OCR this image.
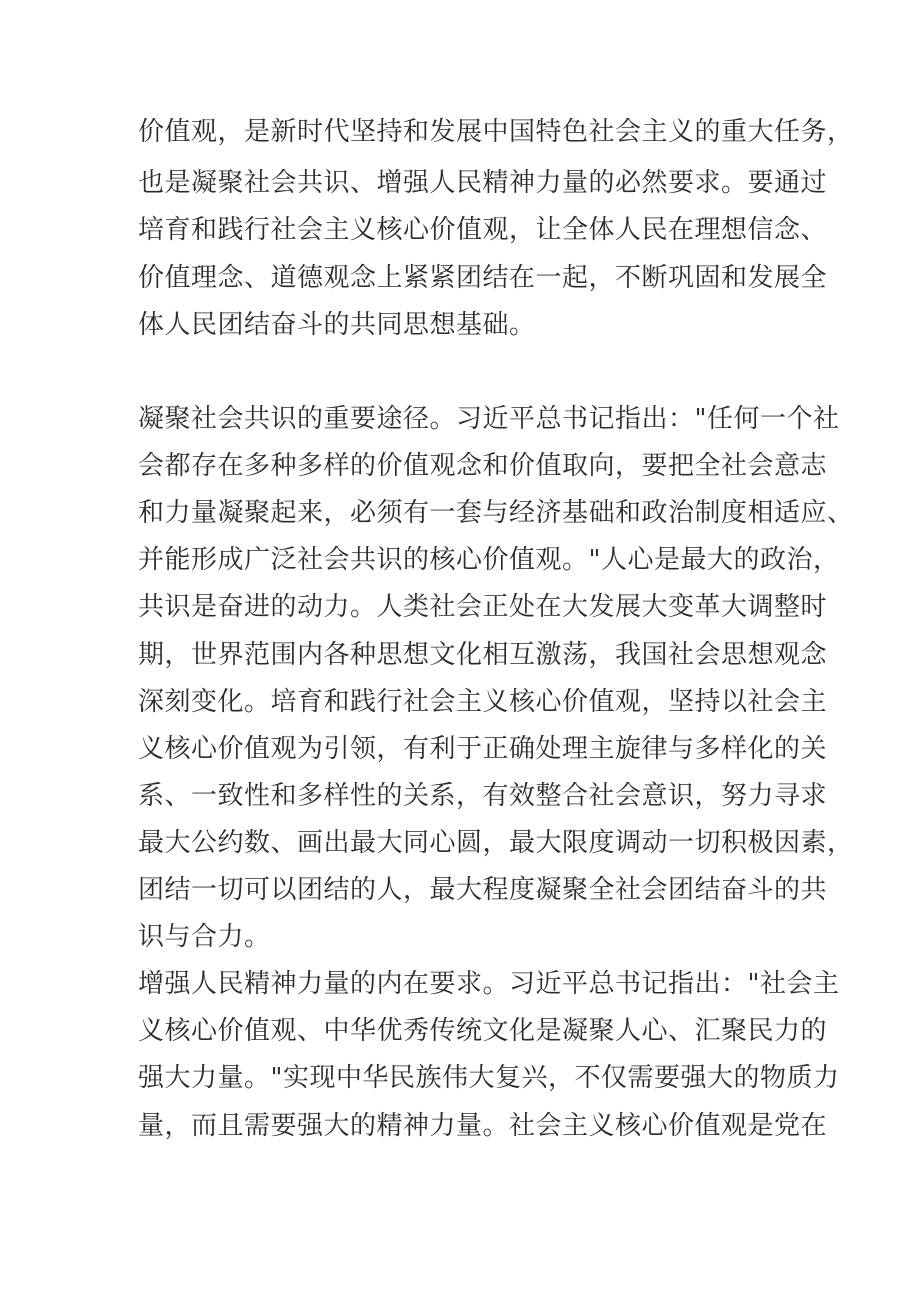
价值观，是新时代坚持和发展中国特色社会主义的重大任务，
也是凝聚社会共识、增强人民精神力量的必然要求。要通过
培育和践行社会主义核心价值观，让全体人民在理想信念、
价值理念、道德观念上紧紧团结在一起，不断巩固和发展全
体人民团结奋斗的共同思想基础。
凝聚社会共识的重要途径。习近平总书记指出："任何一个社
会都存在多种多样的价值观念和价值取向，要把全社会意志
和力量凝聚起来，必须有一套与经济基础和政治制度相适应、
并能形成广泛社会共识的核心价值观。"人心是最大的政治，
共识是奋进的动力。人类社会正处在大发展大变革大调整时
期，世界范围内各种思想文化相互激荡，我国社会思想观念
深刻变化。培育和践行社会主义核心价值观，坚持以社会主
义核心价值观为引领，有利于正确处理主旋律与多样化的关
系、一致性和多样性的关系，有效整合社会意识，努力寻求
最大公约数、画出最大同心圆，最大限度调动一切积极因素，
团结一切可以团结的人，最大程度凝聚全社会团结奋斗的共
识与合力。
增强人民精神力量的内在要求。习近平总书记指出："社会主
义核心价值观、中华优秀传统文化是凝聚人心、汇聚民力的
强大力量。"实现中华民族伟大复兴，不仅需要强大的物质力
量，而且需要强大的精神力量。社会主义核心价值观是党在
